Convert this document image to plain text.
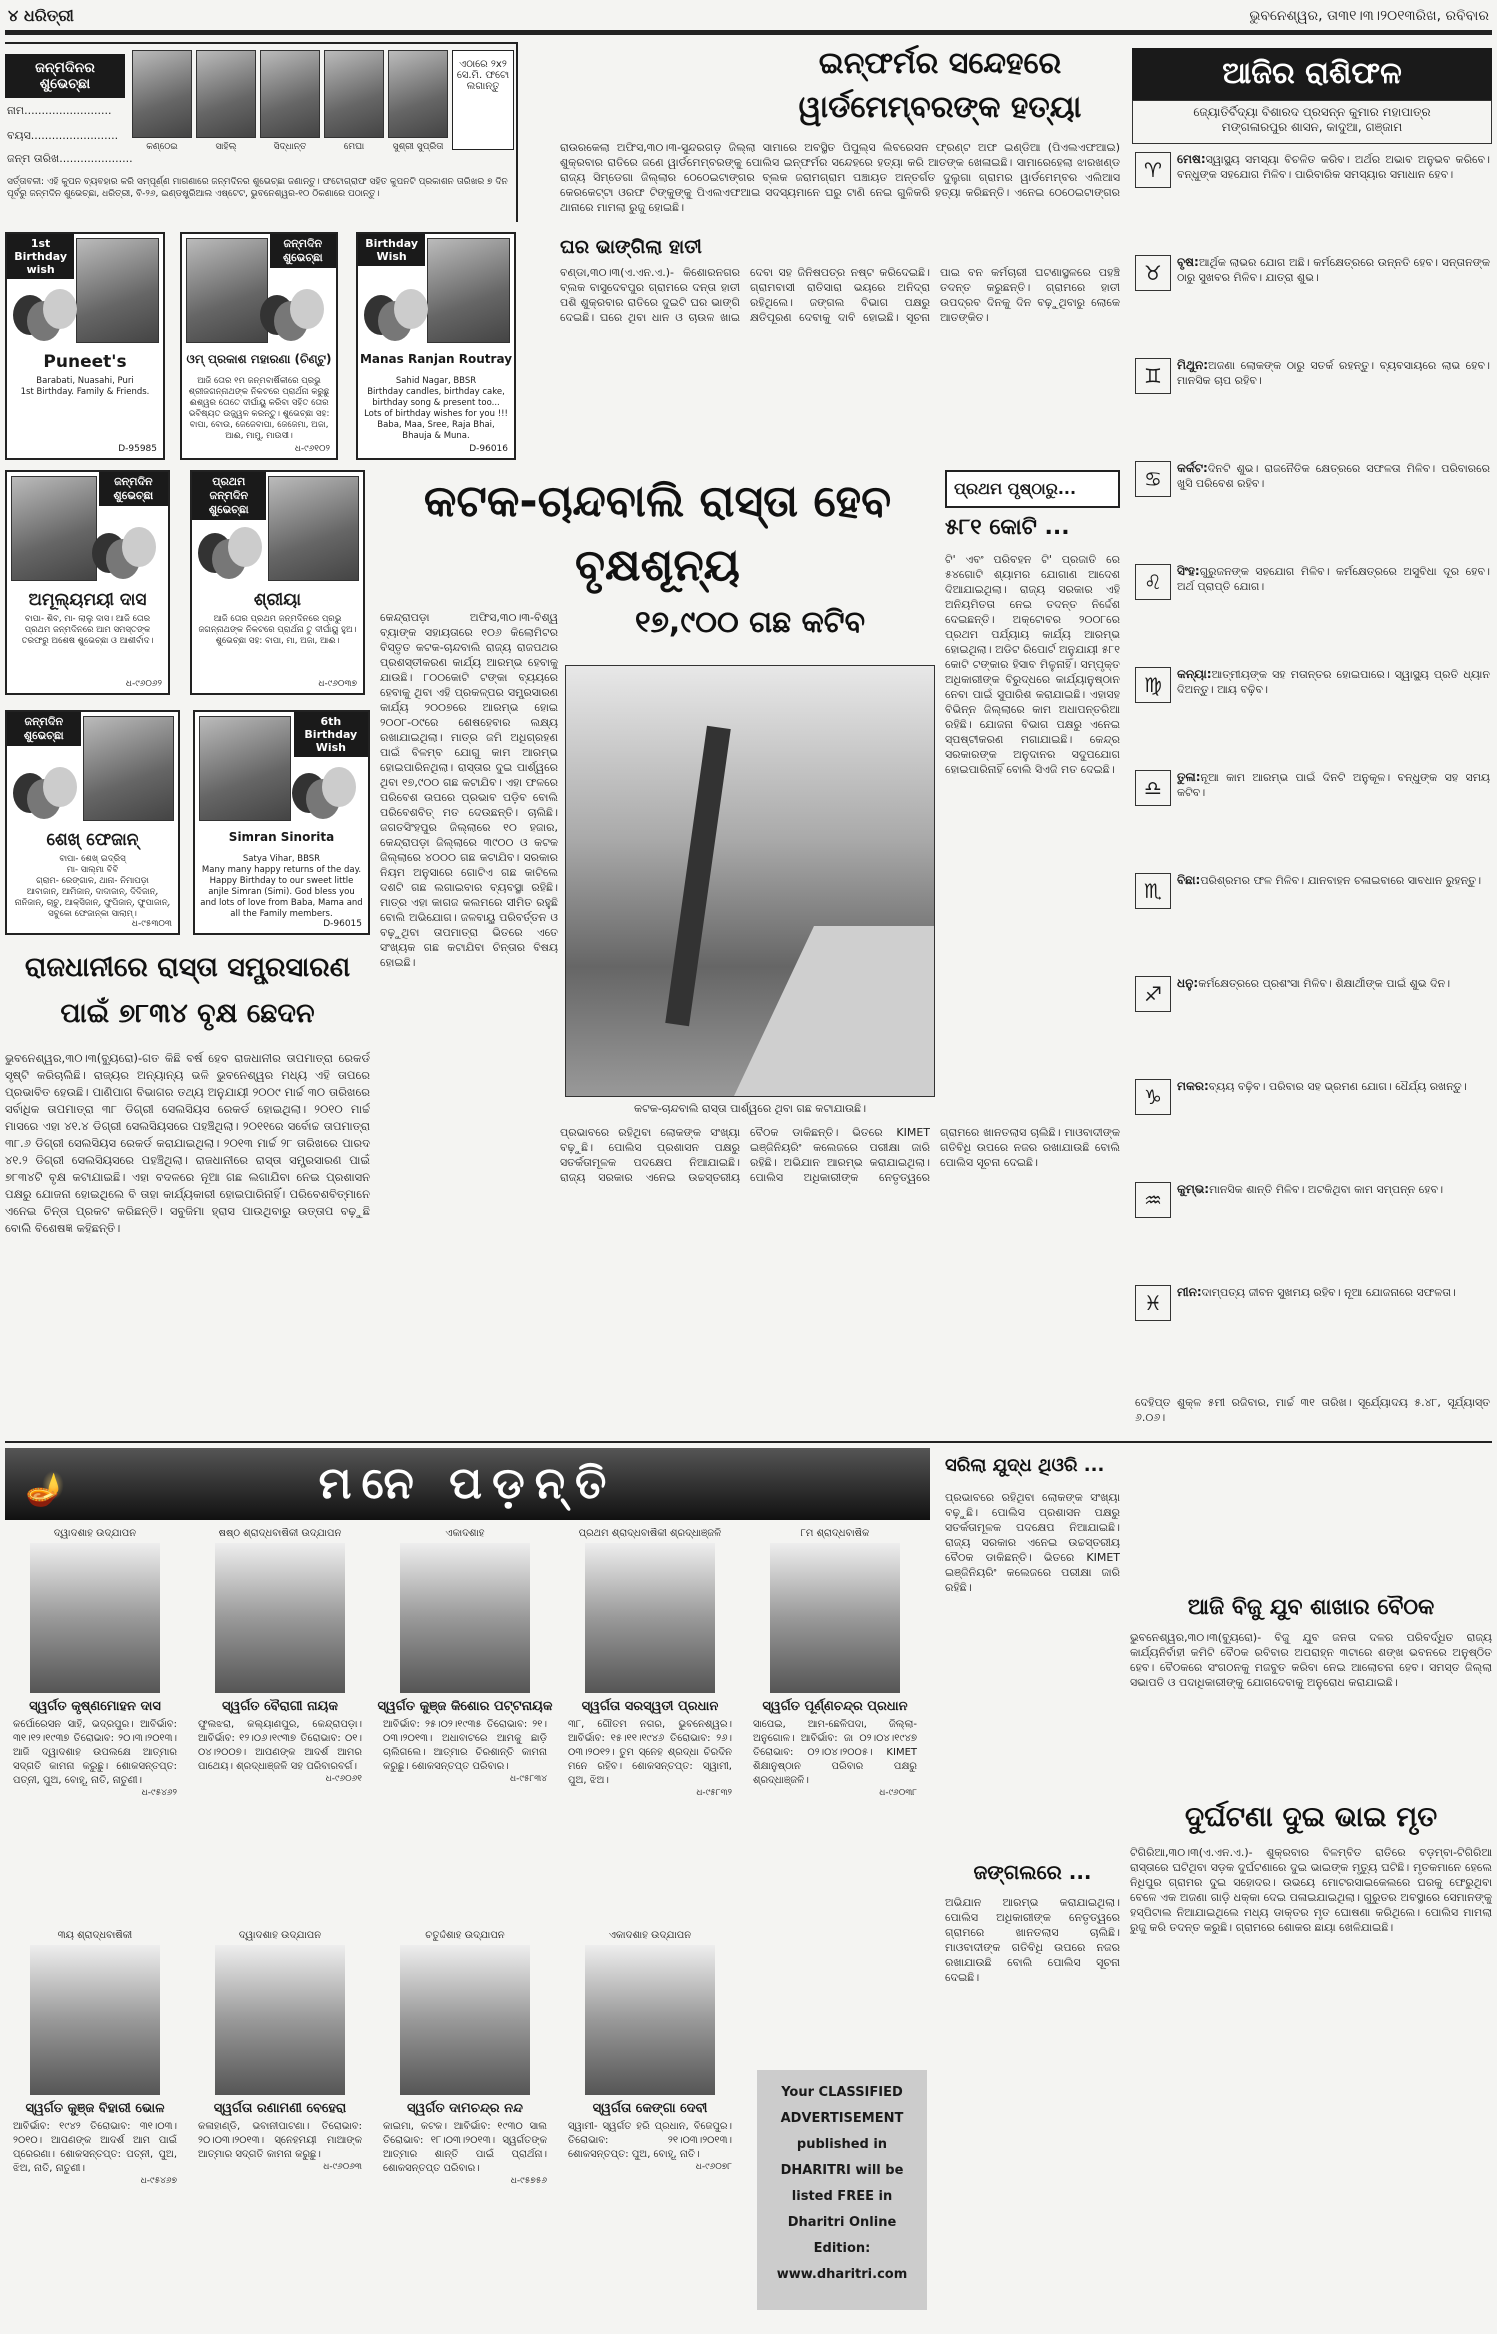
୪ ଧରିତ୍ରୀ	ଭୁବନେଶ୍ୱର, ତା୩୧।୩।୨୦୧୩ରିଖ, ରବିବାର
ଜନ୍ମଦିନର ଶୁଭେଚ୍ଛା
ନାମ.........................
ବୟସ.........................
ଜନ୍ମ ତାରିଖ.....................
କଣ୍ଠେଇ	ସାହିଲ୍	ସିଦ୍ଧାନ୍ତ	ମେଘା	ସୁଶ୍ରୀ ସୁପ୍ରିତା
ଏଠାରେ ୨x୨ ସେ.ମି. ଫଟୋ ଲଗାନ୍ତୁ
ସର୍ତ୍ତାବଳୀ: ଏହି କୁପନ ବ୍ୟବହାର କରି ସମ୍ପୂର୍ଣ୍ଣ ମାଗଣାରେ ଜନ୍ମଦିନର ଶୁଭେଚ୍ଛା ଜଣାନ୍ତୁ। ଫଟୋଗ୍ରାଫ ସହିତ କୁପନଟି ପ୍ରକାଶନ ତାରିଖର ୭ ଦିନ ପୂର୍ବରୁ ଜନ୍ମଦିନ ଶୁଭେଚ୍ଛା, ଧରିତ୍ରୀ, ବି-୨୬, ଇଣ୍ଡଷ୍ଟ୍ରିଆଲ ଏଷ୍ଟେଟ, ଭୁବନେଶ୍ୱର-୧୦ ଠିକଣାରେ ପଠାନ୍ତୁ।
1st Birthday wish
Puneet's
Barabati, Nuasahi, Puri
1st Birthday. Family & Friends.
D-95985
ଜନ୍ମଦିନ ଶୁଭେଚ୍ଛା
ଓମ୍ ପ୍ରକାଶ ମହାରଣା (ଚିଣ୍ଟୁ)
ଆଜି ତୋର ୧ମ ଜନ୍ମବାର୍ଷିକୀରେ ପ୍ରଭୁ ଶ୍ରୀଜଗନ୍ନାଥଙ୍କ ନିକଟରେ ପ୍ରାର୍ଥନା କରୁଛୁ ଈଶ୍ୱର ତୋତେ ଦୀର୍ଘାୟୁ କରିବା ସହିତ ତୋର ଭବିଷ୍ୟତ ଉଜ୍ଜ୍ୱଳ କରନ୍ତୁ। ଶୁଭେଚ୍ଛା ସହ: ବାପା, ବୋଉ, ଜେଜେବାପା, ଜେଜେମା, ଅଜା, ଆଈ, ମାମୁ, ମାଉସୀ।
ଧ-୯୬୧୦୨
Birthday Wish
Manas Ranjan Routray
Sahid Nagar, BBSR
Birthday candles, birthday cake, birthday song & present too... Lots of birthday wishes for you !!! Baba, Maa, Sree, Raja Bhai, Bhauja & Muna.
D-96016
ଜନ୍ମଦିନ ଶୁଭେଚ୍ଛା
ଅମୂଲ୍ୟମୟୀ ଦାସ
ବାପା- ଶିବ, ମା- ଲାଲୁ ଦାସ। ଆଜି ତୋର ପ୍ରଥମ ଜନ୍ମଦିନରେ ଆମ ସମସ୍ତଙ୍କ ତରଫରୁ ଅଶେଷ ଶୁଭେଚ୍ଛା ଓ ଆଶୀର୍ବାଦ।
ଧ-୯୬୦୬୨
ପ୍ରଥମ ଜନ୍ମଦିନ ଶୁଭେଚ୍ଛା
ଶ୍ରୀୟା
ଆଜି ତୋର ପ୍ରଥମ ଜନ୍ମଦିନରେ ପ୍ରଭୁ ଜଗନ୍ନାଥଙ୍କ ନିକଟରେ ପ୍ରାର୍ଥନା ତୁ ଦୀର୍ଘାୟୁ ହୁଅ। ଶୁଭେଚ୍ଛା ସହ: ବାପା, ମା, ଅଜା, ଆଈ।
ଧ-୯୬୦୩୭
ଜନ୍ମଦିନ ଶୁଭେଚ୍ଛା
ଶେଖ୍ ଫେଜାନ୍
ବାପା- ଶେଖ୍ ଇଦ୍ରିସ୍
ମା- ସାଲ୍‌ମା ବିବି
ଗ୍ରାମ- ରେଙ୍ଗାଳ, ଥାନା- ନିମାପଡ଼ା
ଆବାଜାନ୍, ଆମିଜାନ୍, ଦାଦାଜାନ୍, ଦିଦିଜାନ୍, ନାନିଜାନ୍, ଚାଚୁ, ଆକ୍ସିଜାନ୍, ଫୁପିଜାନ୍, ଫୁପାଜାନ୍, ସବୁକୋ ଫେଜାନ୍‌କା ସାଲାମ୍।
ଧ-୯୫୩୦୩
6th Birthday Wish
Simran Sinorita
Satya Vihar, BBSR
Many many happy returns of the day. Happy Birthday to our sweet little anjle Simran (Simi). God bless you and lots of love from Baba, Mama and all the Family members.
D-96015
ରାଜଧାନୀରେ ରାସ୍ତା ସମ୍ପ୍ରସାରଣ ପାଇଁ ୭୮୩୪ ବୃକ୍ଷ ଛେଦନ
ଭୁବନେଶ୍ୱର,୩୦।୩(ବ୍ୟୁରୋ)-ଗତ କିଛି ବର୍ଷ ହେବ ରାଜଧାନୀର ତାପମାତ୍ରା ରେକର୍ଡ ସୃଷ୍ଟି କରିଚାଲିଛି। ରାଜ୍ୟର ଅନ୍ୟାନ୍ୟ ଭଳି ଭୁବନେଶ୍ୱର ମଧ୍ୟ ଏହି ତାପରେ ପ୍ରଭାବିତ ହେଉଛି। ପାଣିପାଗ ବିଭାଗର ତଥ୍ୟ ଅନୁଯାୟୀ ୨୦୦୯ ମାର୍ଚ୍ଚ ୩୦ ତାରିଖରେ ସର୍ବାଧିକ ତାପମାତ୍ରା ୩୮ ଡିଗ୍ରୀ ସେଲସିୟସ ରେକର୍ଡ ହୋଇଥିଲା। ୨୦୧୦ ମାର୍ଚ୍ଚ ମାସରେ ଏହା ୪୧.୪ ଡିଗ୍ରୀ ସେଲସିୟସରେ ପହଞ୍ଚିଥିଲା। ୨୦୧୧ରେ ସର୍ବୋଚ୍ଚ ତାପମାତ୍ରା ୩୮.୬ ଡିଗ୍ରୀ ସେଲସିୟସ ରେକର୍ଡ କରାଯାଇଥିଲା। ୨୦୧୩ ମାର୍ଚ୍ଚ ୨୮ ତାରିଖରେ ପାରଦ ୪୧.୨ ଡିଗ୍ରୀ ସେଲସିୟସରେ ପହଞ୍ଚିଥିଲା। ରାଜଧାନୀରେ ରାସ୍ତା ସମ୍ପ୍ରସାରଣ ପାଇଁ ୭୮୩୪ଟି ବୃକ୍ଷ କଟାଯାଇଛି। ଏହା ବଦଳରେ ନୂଆ ଗଛ ଲଗାଯିବା ନେଇ ପ୍ରଶାସନ ପକ୍ଷରୁ ଯୋଜନା ହୋଇଥିଲେ ବି ତାହା କାର୍ଯ୍ୟକାରୀ ହୋଇପାରିନାହିଁ। ପରିବେଶବିତ୍‌ମାନେ ଏନେଇ ଚିନ୍ତା ପ୍ରକଟ କରିଛନ୍ତି। ସବୁଜିମା ହ୍ରାସ ପାଉଥିବାରୁ ଉତ୍ତାପ ବଢ଼ୁଛି ବୋଲି ବିଶେଷଜ୍ଞ କହିଛନ୍ତି।
ଇନ୍‌ଫର୍ମର ସନ୍ଦେହରେ ୱାର୍ଡମେମ୍ବରଙ୍କ ହତ୍ୟା
ରାଉରକେଲା ଅଫିସ,୩୦।୩-ସୁନ୍ଦରଗଡ଼ ଜିଲ୍ଲା ସାମାରେ ଅବସ୍ଥିତ ପିପୁଲ୍ସ ଲିବରେସନ ଫ୍ରଣ୍ଟ ଅଫ ଇଣ୍ଡିଆ (ପିଏଲଏଫଆଇ) ଶୁକ୍ରବାର ରାତିରେ ଜଣେ ୱାର୍ଡମେମ୍ବରଙ୍କୁ ପୋଲିସ ଇନ୍‌ଫର୍ମର ସନ୍ଦେହରେ ହତ୍ୟା କରି ଆତଙ୍କ ଖେଳାଇଛି। ସାମାରେହେଲା ଝାରଖଣ୍ଡ ରାଜ୍ୟ ସିମ୍‌ଡେଗା ଜିଲ୍ଲାର ଠେଠେଇଟାଙ୍ଗର ବ୍ଲକ ଜରାମଗ୍ରାମ ପଞ୍ଚାୟତ ଅନ୍ତର୍ଗତ ଦୁଲୁଗା ଗ୍ରାମର ୱାର୍ଡମେମ୍ବର ଏଲିଆସ କେରକେଟ୍ଟା ଓରଫ ଟିଙ୍କୁଙ୍କୁ ପିଏଲଏଫଆଇ ସଦସ୍ୟମାନେ ଘରୁ ଟାଣି ନେଇ ଗୁଳିକରି ହତ୍ୟା କରିଛନ୍ତି। ଏନେଇ ଠେଠେଇଟାଙ୍ଗର ଥାନାରେ ମାମଲା ରୁଜୁ ହୋଇଛି।
ଘର ଭାଙ୍ଗିଲା ହାତୀ
ବଣ୍ଡା,୩୦।୩(ଏ.ଏନ.ଏ.)- କିଶୋରନଗର ବ୍ଲକ ବାସୁଦେବପୁର ଗ୍ରାମରେ ଦନ୍ତା ହାତୀ ପଶି ଶୁକ୍ରବାର ରାତିରେ ଦୁଇଟି ଘର ଭାଙ୍ଗି ଦେଇଛି। ଘରେ ଥିବା ଧାନ ଓ ଚାଉଳ ଖାଇ ଦେବା ସହ ଜିନିଷପତ୍ର ନଷ୍ଟ କରିଦେଇଛି। ଗ୍ରାମବାସୀ ରାତିସାରା ଭୟରେ ଅନିଦ୍ରା ରହିଥିଲେ। ଜଙ୍ଗଲ ବିଭାଗ ପକ୍ଷରୁ କ୍ଷତିପୂରଣ ଦେବାକୁ ଦାବି ହୋଇଛି। ସୂଚନା ପାଇ ବନ କର୍ମଚାରୀ ଘଟଣାସ୍ଥଳରେ ପହଞ୍ଚି ତଦନ୍ତ କରୁଛନ୍ତି। ଗ୍ରାମରେ ହାତୀ ଉପଦ୍ରବ ଦିନକୁ ଦିନ ବଢ଼ୁଥିବାରୁ ଲୋକେ ଆତଙ୍କିତ।
କଟକ-ଚାନ୍ଦବାଲି ରାସ୍ତା ହେବ ବୃକ୍ଷଶୂନ୍ୟ
୧୭,୯୦୦ ଗଛ କଟିବ
କେନ୍ଦ୍ରାପଡ଼ା ଅଫିସ,୩୦।୩-ବିଶ୍ୱ ବ୍ୟାଙ୍କ ସହାୟତାରେ ୧୦୬ କିଲୋମିଟର ବିସ୍ତୃତ କଟକ-ଚାନ୍ଦବାଲି ରାଜ୍ୟ ରାଜପଥର ପ୍ରଶସ୍ତୀକରଣ କାର୍ଯ୍ୟ ଆରମ୍ଭ ହେବାକୁ ଯାଉଛି। ୮୦୦କୋଟି ଟଙ୍କା ବ୍ୟୟରେ ହେବାକୁ ଥିବା ଏହି ପ୍ରକଳ୍ପର ସମ୍ପ୍ରସାରଣ କାର୍ଯ୍ୟ ୨୦୦୭ରେ ଆରମ୍ଭ ହୋଇ ୨୦୦୮-୦୯ରେ ଶେଷହେବାର ଲକ୍ଷ୍ୟ ରଖାଯାଇଥିଲା। ମାତ୍ର ଜମି ଅଧିଗ୍ରହଣ ପାଇଁ ବିଳମ୍ବ ଯୋଗୁ କାମ ଆରମ୍ଭ ହୋଇପାରିନଥିଲା। ରାସ୍ତାର ଦୁଇ ପାର୍ଶ୍ୱରେ ଥିବା ୧୭,୯୦୦ ଗଛ କଟାଯିବ। ଏହା ଫଳରେ ପରିବେଶ ଉପରେ ପ୍ରଭାବ ପଡ଼ିବ ବୋଲି ପରିବେଶବିତ୍ ମତ ଦେଉଛନ୍ତି। ଚାଲିଛି। ଜଗତସିଂହପୁର ଜିଲ୍ଲାରେ ୧୦ ହଜାର, କେନ୍ଦ୍ରାପଡ଼ା ଜିଲ୍ଲାରେ ୩୯୦୦ ଓ କଟକ ଜିଲ୍ଲାରେ ୪୦୦୦ ଗଛ କଟାଯିବ। ସରକାର ନିୟମ ଅନୁସାରେ ଗୋଟିଏ ଗଛ କାଟିଲେ ଦଶଟି ଗଛ ଲଗାଇବାର ବ୍ୟବସ୍ଥା ରହିଛି। ମାତ୍ର ଏହା କାଗଜ କଲମରେ ସୀମିତ ରହୁଛି ବୋଲି ଅଭିଯୋଗ। ଜଳବାୟୁ ପରିବର୍ତ୍ତନ ଓ ବଢ଼ୁଥିବା ତାପମାତ୍ରା ଭିତରେ ଏତେ ସଂଖ୍ୟକ ଗଛ କଟାଯିବା ଚିନ୍ତାର ବିଷୟ ହୋଇଛି।
କଟକ-ଚାନ୍ଦବାଲି ରାସ୍ତା ପାର୍ଶ୍ୱରେ ଥିବା ଗଛ କଟାଯାଉଛି।
ପ୍ରଭାବରେ ରହିଥିବା ଲୋକଙ୍କ ସଂଖ୍ୟା ବଢ଼ୁଛି। ପୋଲିସ ପ୍ରଶାସନ ପକ୍ଷରୁ ସତର୍କତାମୂଳକ ପଦକ୍ଷେପ ନିଆଯାଇଛି। ରାଜ୍ୟ ସରକାର ଏନେଇ ଉଚ୍ଚସ୍ତରୀୟ ବୈଠକ ଡାକିଛନ୍ତି। ଭିତରେ KIMET ଇଞ୍ଜିନିୟରିଂ କଲେଜରେ ପରୀକ୍ଷା ଜାରି ରହିଛି। ଅଭିଯାନ ଆରମ୍ଭ କରାଯାଇଥିଲା। ପୋଲିସ ଅଧିକାରୀଙ୍କ ନେତୃତ୍ୱରେ ଗ୍ରାମରେ ଖାନତଲାସ ଚାଲିଛି। ମାଓବାଦୀଙ୍କ ଗତିବିଧି ଉପରେ ନଜର ରଖାଯାଉଛି ବୋଲି ପୋଲିସ ସୂଚନା ଦେଇଛି।
ପ୍ରଥମ ପୃଷ୍ଠାରୁ...
୫୮୧ କୋଟି ...
ଟି' ଏବଂ ପରିବହନ ଟି' ପ୍ରଜାତି ରେ ୫୪ଗୋଟି ଶ୍ୟାମର ଯୋଗାଣ ଆଦେଶ ଦିଆଯାଇଥିଲା। ରାଜ୍ୟ ସରକାର ଏହି ଅନିୟମିତତା ନେଇ ତଦନ୍ତ ନିର୍ଦ୍ଦେଶ ଦେଇଛନ୍ତି। ଅକ୍ଟୋବର ୨୦୦୮ରେ ପ୍ରଥମ ପର୍ଯ୍ୟାୟ କାର୍ଯ୍ୟ ଆରମ୍ଭ ହୋଇଥିଲା। ଅଡିଟ ରିପୋର୍ଟ ଅନୁଯାୟୀ ୫୮୧ କୋଟି ଟଙ୍କାର ହିସାବ ମିଳୁନାହିଁ। ସମ୍ପୃକ୍ତ ଅଧିକାରୀଙ୍କ ବିରୁଦ୍ଧରେ କାର୍ଯ୍ୟାନୁଷ୍ଠାନ ନେବା ପାଇଁ ସୁପାରିଶ କରାଯାଇଛି। ଏହାସହ ବିଭିନ୍ନ ଜିଲ୍ଲାରେ କାମ ଅଧାପନ୍ତରିଆ ରହିଛି। ଯୋଜନା ବିଭାଗ ପକ୍ଷରୁ ଏନେଇ ସ୍ପଷ୍ଟୀକରଣ ମଗାଯାଇଛି। କେନ୍ଦ୍ର ସରକାରଙ୍କ ଅନୁଦାନର ସଦୁପଯୋଗ ହୋଇପାରିନାହିଁ ବୋଲି ସିଏଜି ମତ ଦେଇଛି।
ଆଜିର ରାଶିଫଳ
ଜ୍ୟୋତିର୍ବିଦ୍ୟା ବିଶାରଦ ପ୍ରସନ୍ନ କୁମାର ମହାପାତ୍ର
ମଙ୍ଗଳାରପୁର ଶାସନ, କାଦୁଆ, ଗଞ୍ଜାମ
♈	ମେଷ:ସ୍ୱାସ୍ଥ୍ୟ ସମସ୍ୟା ବିଚଳିତ କରିବ। ଅର୍ଥର ଅଭାବ ଅନୁଭବ କରିବେ। ବନ୍ଧୁଙ୍କ ସହଯୋଗ ମିଳିବ। ପାରିବାରିକ ସମସ୍ୟାର ସମାଧାନ ହେବ।
♉	ବୃଷ:ଆର୍ଥିକ ଲାଭର ଯୋଗ ଅଛି। କର୍ମକ୍ଷେତ୍ରରେ ଉନ୍ନତି ହେବ। ସନ୍ତାନଙ୍କ ଠାରୁ ସୁଖବର ମିଳିବ। ଯାତ୍ରା ଶୁଭ।
♊	ମିଥୁନ:ଅଜଣା ଲୋକଙ୍କ ଠାରୁ ସତର୍କ ରହନ୍ତୁ। ବ୍ୟବସାୟରେ ଲାଭ ହେବ। ମାନସିକ ଚାପ ରହିବ।
♋	କର୍କଟ:ଦିନଟି ଶୁଭ। ରାଜନୈତିକ କ୍ଷେତ୍ରରେ ସଫଳତା ମିଳିବ। ପରିବାରରେ ଖୁସି ପରିବେଶ ରହିବ।
♌	ସିଂହ:ଗୁରୁଜନଙ୍କ ସହଯୋଗ ମିଳିବ। କର୍ମକ୍ଷେତ୍ରରେ ଅସୁବିଧା ଦୂର ହେବ। ଅର୍ଥ ପ୍ରାପ୍ତି ଯୋଗ।
♍	କନ୍ୟା:ଆତ୍ମୀୟଙ୍କ ସହ ମତାନ୍ତର ହୋଇପାରେ। ସ୍ୱାସ୍ଥ୍ୟ ପ୍ରତି ଧ୍ୟାନ ଦିଅନ୍ତୁ। ଆୟ ବଢ଼ିବ।
♎	ତୁଳା:ନୂଆ କାମ ଆରମ୍ଭ ପାଇଁ ଦିନଟି ଅନୁକୂଳ। ବନ୍ଧୁଙ୍କ ସହ ସମୟ କଟିବ।
♏	ବିଛା:ପରିଶ୍ରମର ଫଳ ମିଳିବ। ଯାନବାହନ ଚଳାଇବାରେ ସାବଧାନ ରୁହନ୍ତୁ।
♐	ଧନୁ:କର୍ମକ୍ଷେତ୍ରରେ ପ୍ରଶଂସା ମିଳିବ। ଶିକ୍ଷାର୍ଥୀଙ୍କ ପାଇଁ ଶୁଭ ଦିନ।
♑	ମକର:ବ୍ୟୟ ବଢ଼ିବ। ପରିବାର ସହ ଭ୍ରମଣ ଯୋଗ। ଧୈର୍ଯ୍ୟ ରଖନ୍ତୁ।
♒	କୁମ୍ଭ:ମାନସିକ ଶାନ୍ତି ମିଳିବ। ଅଟକିଥିବା କାମ ସମ୍ପନ୍ନ ହେବ।
♓	ମୀନ:ଦାମ୍ପତ୍ୟ ଜୀବନ ସୁଖମୟ ରହିବ। ନୂଆ ଯୋଜନାରେ ସଫଳତା।
ଦେହିପ୍ତ ଶୁକ୍ଳ ୫ମୀ ରଜିବାର, ମାର୍ଚ୍ଚ ୩୧ ତାରିଖ। ସୂର୍ଯ୍ୟୋଦୟ ୫.୪୮, ସୂର୍ଯ୍ୟାସ୍ତ ୬.୦୬।
🪔	ମନେ ପଡ଼ନ୍ତି
ଦ୍ୱାଦଶାହ ଉଦ୍‌ଯାପନ
ସ୍ୱର୍ଗତ କୃଷ୍ଣମୋହନ ଦାସ
କର୍ପୋରେସନ ସାହି, ଭଦ୍ରପୁର। ଆବିର୍ଭାବ: ୩୧।୧୨।୧୯୩୭ ତିରୋଭାବ: ୨୦।୩।୨୦୧୩। ଆଜି ଦ୍ୱାଦଶାହ ଉପଲକ୍ଷେ ଆତ୍ମାର ସଦ୍‌ଗତି କାମନା କରୁଛୁ। ଶୋକସନ୍ତପ୍ତ: ପତ୍ନୀ, ପୁଅ, ବୋହୂ, ନାତି, ନାତୁଣୀ।
ଧ-୯୫୪୬୨
ଷଷ୍ଠ ଶ୍ରାଦ୍ଧବାର୍ଷିକୀ ଉଦ୍‌ଯାପନ
ସ୍ୱର୍ଗତ ବୈରାଗୀ ନାୟକ
ଫୁଲଝରା, କଲ୍ୟାଣପୁର, କେନ୍ଦ୍ରାପଡ଼ା। ଆବିର୍ଭାବ: ୧୨।୦୬।୧୯୩୭ ତିରୋଭାବ: ୦୧।୦୪।୨୦୦୭। ଆପଣଙ୍କ ଆଦର୍ଶ ଆମର ପାଥେୟ। ଶ୍ରଦ୍ଧାଞ୍ଜଳି ସହ ପରିବାରବର୍ଗ।
ଧ-୯୬୦୬୧
ଏକାଦଶାହ
ସ୍ୱର୍ଗତ କୁଞ୍ଜ କିଶୋର ପଟ୍ଟନାୟକ
ଆବିର୍ଭାବ: ୨୫।୦୨।୧୯୩୫ ତିରୋଭାବ: ୨୧।୦୩।୨୦୧୩। ଅଧାବାଟରେ ଆମକୁ ଛାଡ଼ି ଚାଲିଗଲେ। ଆତ୍ମାର ଚିରଶାନ୍ତି କାମନା କରୁଛୁ। ଶୋକସନ୍ତପ୍ତ ପରିବାର।
ଧ-୯୫୮୩୪
ପ୍ରଥମ ଶ୍ରାଦ୍ଧବାର୍ଷିକୀ ଶ୍ରଦ୍ଧାଞ୍ଜଳି
ସ୍ୱର୍ଗତା ସରସ୍ୱତୀ ପ୍ରଧାନ
୩୮, ଗୌତମ ନଗର, ଭୁବନେଶ୍ୱର। ଆବିର୍ଭାବ: ୧୫।୧୧।୧୯୪୬ ତିରୋଭାବ: ୨୬।୦୩।୨୦୧୨। ତୁମ ସ୍ନେହ ଶ୍ରଦ୍ଧା ଚିରଦିନ ମନେ ରହିବ। ଶୋକସନ୍ତପ୍ତ: ସ୍ୱାମୀ, ପୁଅ, ଝିଅ।
ଧ-୯୫୮୩୨
୮ମ ଶ୍ରାଦ୍ଧବାର୍ଷିକ
ସ୍ୱର୍ଗତ ପୂର୍ଣ୍ଣଚନ୍ଦ୍ର ପ୍ରଧାନ
ସାପେଇ, ଆମ-ଛେଳିପଦା, ଜିଲ୍ଲା-ଅନୁଗୋଳ। ଆବିର୍ଭାବ: ଜା ୦୨।୦୪।୧୯୪୭ ତିରୋଭାବ: ୦୨।୦୪।୨୦୦୫। KIMET ଶିକ୍ଷାନୁଷ୍ଠାନ ପରିବାର ପକ୍ଷରୁ ଶ୍ରଦ୍ଧାଞ୍ଜଳି।
ଧ-୯୬୦୩୮
୩ୟ ଶ୍ରାଦ୍ଧବାର୍ଷିକୀ
ସ୍ୱର୍ଗତ କୁଞ୍ଜ ବିହାରୀ ଭୋଳ
ଆବିର୍ଭାବ: ୧୯୪୨ ତିରୋଭାବ: ୩୧।୦୩।୨୦୧୦। ଆପଣଙ୍କ ଆଦର୍ଶ ଆମ ପାଇଁ ପ୍ରେରଣା। ଶୋକସନ୍ତପ୍ତ: ପତ୍ନୀ, ପୁଅ, ଝିଅ, ନାତି, ନାତୁଣୀ।
ଧ-୯୫୪୬୭
ଦ୍ୱାଦଶାହ ଉଦ୍‌ଯାପନ
ସ୍ୱର୍ଗତା ରଣାମଣୀ ବେହେରା
କଳାହାଣ୍ଡି, ଭବାନୀପାଟଣା। ତିରୋଭାବ: ୨୦।୦୩।୨୦୧୩। ସ୍ନେହମୟୀ ମାଆଙ୍କ ଆତ୍ମାର ସଦ୍‌ଗତି କାମନା କରୁଛୁ।
ଧ-୯୬୦୬୩
ଚତୁର୍ଦ୍ଦଶାହ ଉଦ୍‌ଯାପନ
ସ୍ୱର୍ଗତ ଦାମଚନ୍ଦ୍ର ନନ୍ଦ
କାଇମା, କଟକ। ଆବିର୍ଭାବ: ୧୯୩୦ ସାଲ ତିରୋଭାବ: ୧୮।୦୩।୨୦୧୩। ସ୍ୱର୍ଗତଙ୍କ ଆତ୍ମାର ଶାନ୍ତି ପାଇଁ ପ୍ରାର୍ଥନା। ଶୋକସନ୍ତପ୍ତ ପରିବାର।
ଧ-୯୫୭୫୬
ଏକାଦଶାହ ଉଦ୍‌ଯାପନ
ସ୍ୱର୍ଗତା କେଙ୍ଗା ଦେବୀ
ସ୍ୱାମୀ- ସ୍ୱର୍ଗତ ହରି ପ୍ରଧାନ, ବିଜେପୁର। ତିରୋଭାବ: ୨୧।୦୩।୨୦୧୩। ଶୋକସନ୍ତପ୍ତ: ପୁଅ, ବୋହୂ, ନାତି।
ଧ-୯୬୦୭୮
Your CLASSIFIED ADVERTISEMENT published in DHARITRI will be listed FREE in Dharitri Online Edition:
www.dharitri.com
ସରିଲା ଯୁଦ୍ଧ ଥିଓରି ...
ପ୍ରଭାବରେ ରହିଥିବା ଲୋକଙ୍କ ସଂଖ୍ୟା ବଢ଼ୁଛି। ପୋଲିସ ପ୍ରଶାସନ ପକ୍ଷରୁ ସତର୍କତାମୂଳକ ପଦକ୍ଷେପ ନିଆଯାଇଛି। ରାଜ୍ୟ ସରକାର ଏନେଇ ଉଚ୍ଚସ୍ତରୀୟ ବୈଠକ ଡାକିଛନ୍ତି। ଭିତରେ KIMET ଇଞ୍ଜିନିୟରିଂ କଲେଜରେ ପରୀକ୍ଷା ଜାରି ରହିଛି।
ଜଙ୍ଗଲରେ ...
ଅଭିଯାନ ଆରମ୍ଭ କରାଯାଇଥିଲା। ପୋଲିସ ଅଧିକାରୀଙ୍କ ନେତୃତ୍ୱରେ ଗ୍ରାମରେ ଖାନତଲାସ ଚାଲିଛି। ମାଓବାଦୀଙ୍କ ଗତିବିଧି ଉପରେ ନଜର ରଖାଯାଉଛି ବୋଲି ପୋଲିସ ସୂଚନା ଦେଇଛି।
ଆଜି ବିଜୁ ଯୁବ ଶାଖାର ବୈଠକ
ଭୁବନେଶ୍ୱର,୩୦।୩(ବ୍ୟୁରୋ)- ବିଜୁ ଯୁବ ଜନତା ଦଳର ପରିବର୍ଦ୍ଧିତ ରାଜ୍ୟ କାର୍ଯ୍ୟନିର୍ବାହୀ କମିଟି ବୈଠକ ରବିବାର ଅପରାହ୍ନ ୩ଟାରେ ଶଙ୍ଖ ଭବନରେ ଅନୁଷ୍ଠିତ ହେବ। ବୈଠକରେ ସଂଗଠନକୁ ମଜବୁତ କରିବା ନେଇ ଆଲୋଚନା ହେବ। ସମସ୍ତ ଜିଲ୍ଲା ସଭାପତି ଓ ପଦାଧିକାରୀଙ୍କୁ ଯୋଗଦେବାକୁ ଅନୁରୋଧ କରାଯାଇଛି।
ଦୁର୍ଘଟଣା ଦୁଇ ଭାଇ ମୃତ
ଟିଗିରିଆ,୩୦।୩(ଏ.ଏନ.ଏ.)- ଶୁକ୍ରବାର ବିଳମ୍ବିତ ରାତିରେ ବଡ଼ମ୍ବା-ଟିଗିରିଆ ରାସ୍ତାରେ ଘଟିଥିବା ସଡ଼କ ଦୁର୍ଘଟଣାରେ ଦୁଇ ଭାଇଙ୍କ ମୃତ୍ୟୁ ଘଟିଛି। ମୃତକମାନେ ହେଲେ ନିଧିପୁର ଗ୍ରାମର ଦୁଇ ସହୋଦର। ଉଭୟେ ମୋଟରସାଇକେଲରେ ଘରକୁ ଫେରୁଥିବା ବେଳେ ଏକ ଅଜଣା ଗାଡ଼ି ଧକ୍କା ଦେଇ ପଳାଇଯାଇଥିଲା। ଗୁରୁତର ଅବସ୍ଥାରେ ସେମାନଙ୍କୁ ହସ୍ପିଟାଲ ନିଆଯାଇଥିଲେ ମଧ୍ୟ ଡାକ୍ତର ମୃତ ଘୋଷଣା କରିଥିଲେ। ପୋଲିସ ମାମଲା ରୁଜୁ କରି ତଦନ୍ତ କରୁଛି। ଗ୍ରାମରେ ଶୋକର ଛାୟା ଖେଳିଯାଇଛି।
